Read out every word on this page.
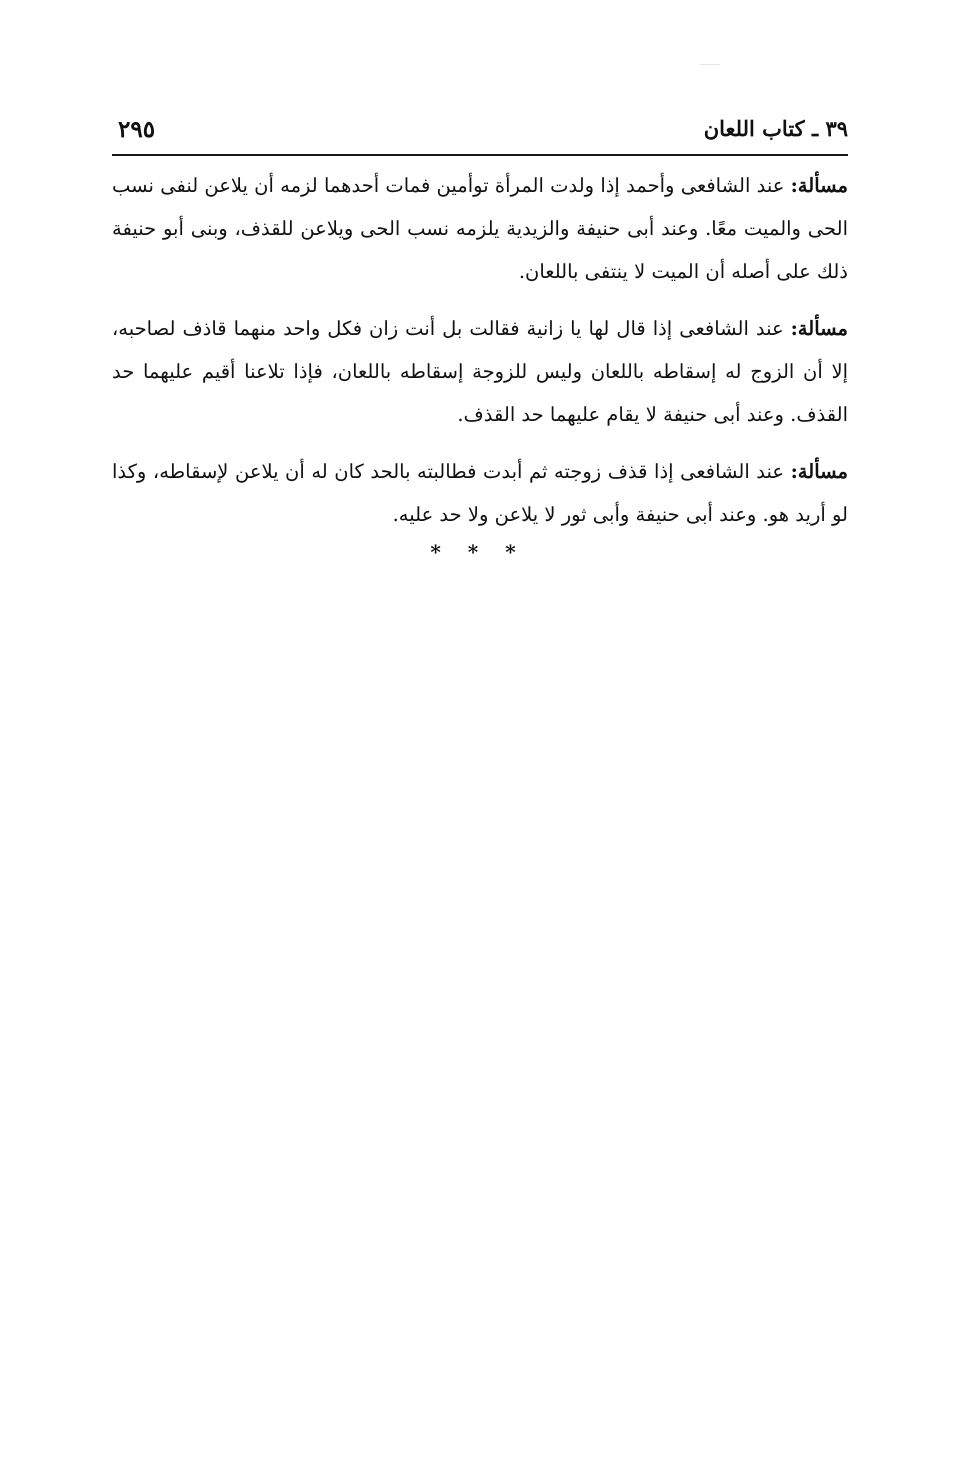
٣٩ ـ كتاب اللعان
٢٩٥

مسألة: عند الشافعى وأحمد إذا ولدت المرأة توأمين فمات أحدهما لزمه أن يلاعن لنفى نسب الحى والميت معًا. وعند أبى حنيفة والزيدية يلزمه نسب الحى ويلاعن للقذف، وبنى أبو حنيفة ذلك على أصله أن الميت لا ينتفى باللعان.

مسألة: عند الشافعى إذا قال لها يا زانية فقالت بل أنت زان فكل واحد منهما قاذف لصاحبه، إلا أن الزوج له إسقاطه باللعان وليس للزوجة إسقاطه باللعان، فإذا تلاعنا أقيم عليهما حد القذف. وعند أبى حنيفة لا يقام عليهما حد القذف.

مسألة: عند الشافعى إذا قذف زوجته ثم أبدت فطالبته بالحد كان له أن يلاعن لإسقاطه، وكذا لو أريد هو. وعند أبى حنيفة وأبى ثور لا يلاعن ولا حد عليه.

* * *
